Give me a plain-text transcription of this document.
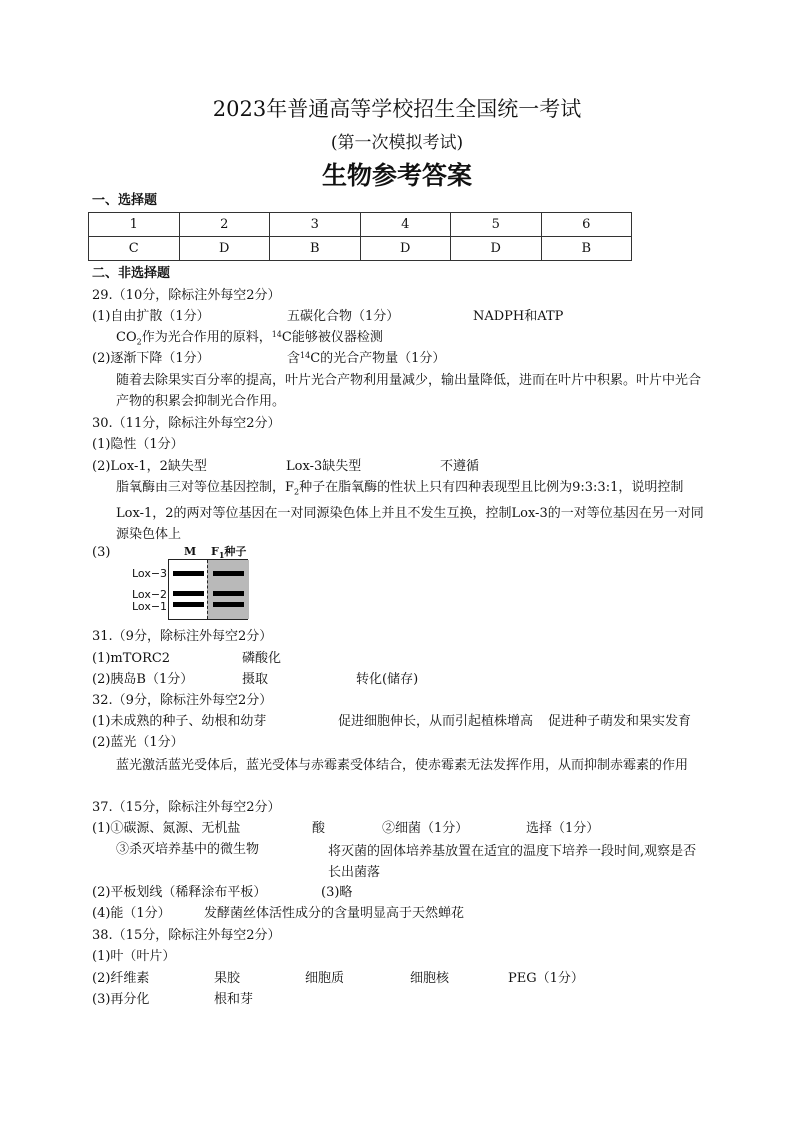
2023年普通高等学校招生全国统一考试
(第一次模拟考试)
生物参考答案
一、选择题
1	2	3	4	5	6
C	D	B	D	D	B
二、非选择题
29.（10分，除标注外每空2分）
(1)自由扩散（1分）	五碳化合物（1分）	NADPH和ATP
$CO_2$作为光合作用的原料，$^{14}$C能够被仪器检测
(2)逐渐下降（1分）	含$^{14}$C的光合产物量（1分）
随着去除果实百分率的提高，叶片光合产物利用量减少，输出量降低，进而在叶片中积累。叶片中光合产物的积累会抑制光合作用。
30.（11分，除标注外每空2分）
(1)隐性（1分）
(2)Lox-1，2缺失型	Lox-3缺失型	不遵循
脂氧酶由三对等位基因控制，$F_2$种子在脂氧酶的性状上只有四种表现型且比例为9:3:3:1，说明控制Lox-1，2的两对等位基因在一对同源染色体上并且不发生互换，控制Lox-3的一对等位基因在另一对同源染色体上
(3)	M $F_1$种子
Lox−3
Lox−2
Lox−1
31.（9分，除标注外每空2分）
(1)mTORC2	磷酸化
(2)胰岛B（1分）	摄取	转化(储存)
32.（9分，除标注外每空2分）
(1)未成熟的种子、幼根和幼芽	促进细胞伸长，从而引起植株增高 促进种子萌发和果实发育
(2)蓝光（1分）
蓝光激活蓝光受体后，蓝光受体与赤霉素受体结合，使赤霉素无法发挥作用，从而抑制赤霉素的作用
37.（15分，除标注外每空2分）
(1)①碳源、氮源、无机盐	酸	②细菌（1分）	选择（1分）
③杀灭培养基中的微生物	将灭菌的固体培养基放置在适宜的温度下培养一段时间,观察是否长出菌落
(2)平板划线（稀释涂布平板）	(3)略
(4)能（1分）	发酵菌丝体活性成分的含量明显高于天然蝉花
38.（15分，除标注外每空2分）
(1)叶（叶片）
(2)纤维素	果胶	细胞质	细胞核	PEG（1分）
(3)再分化	根和芽
